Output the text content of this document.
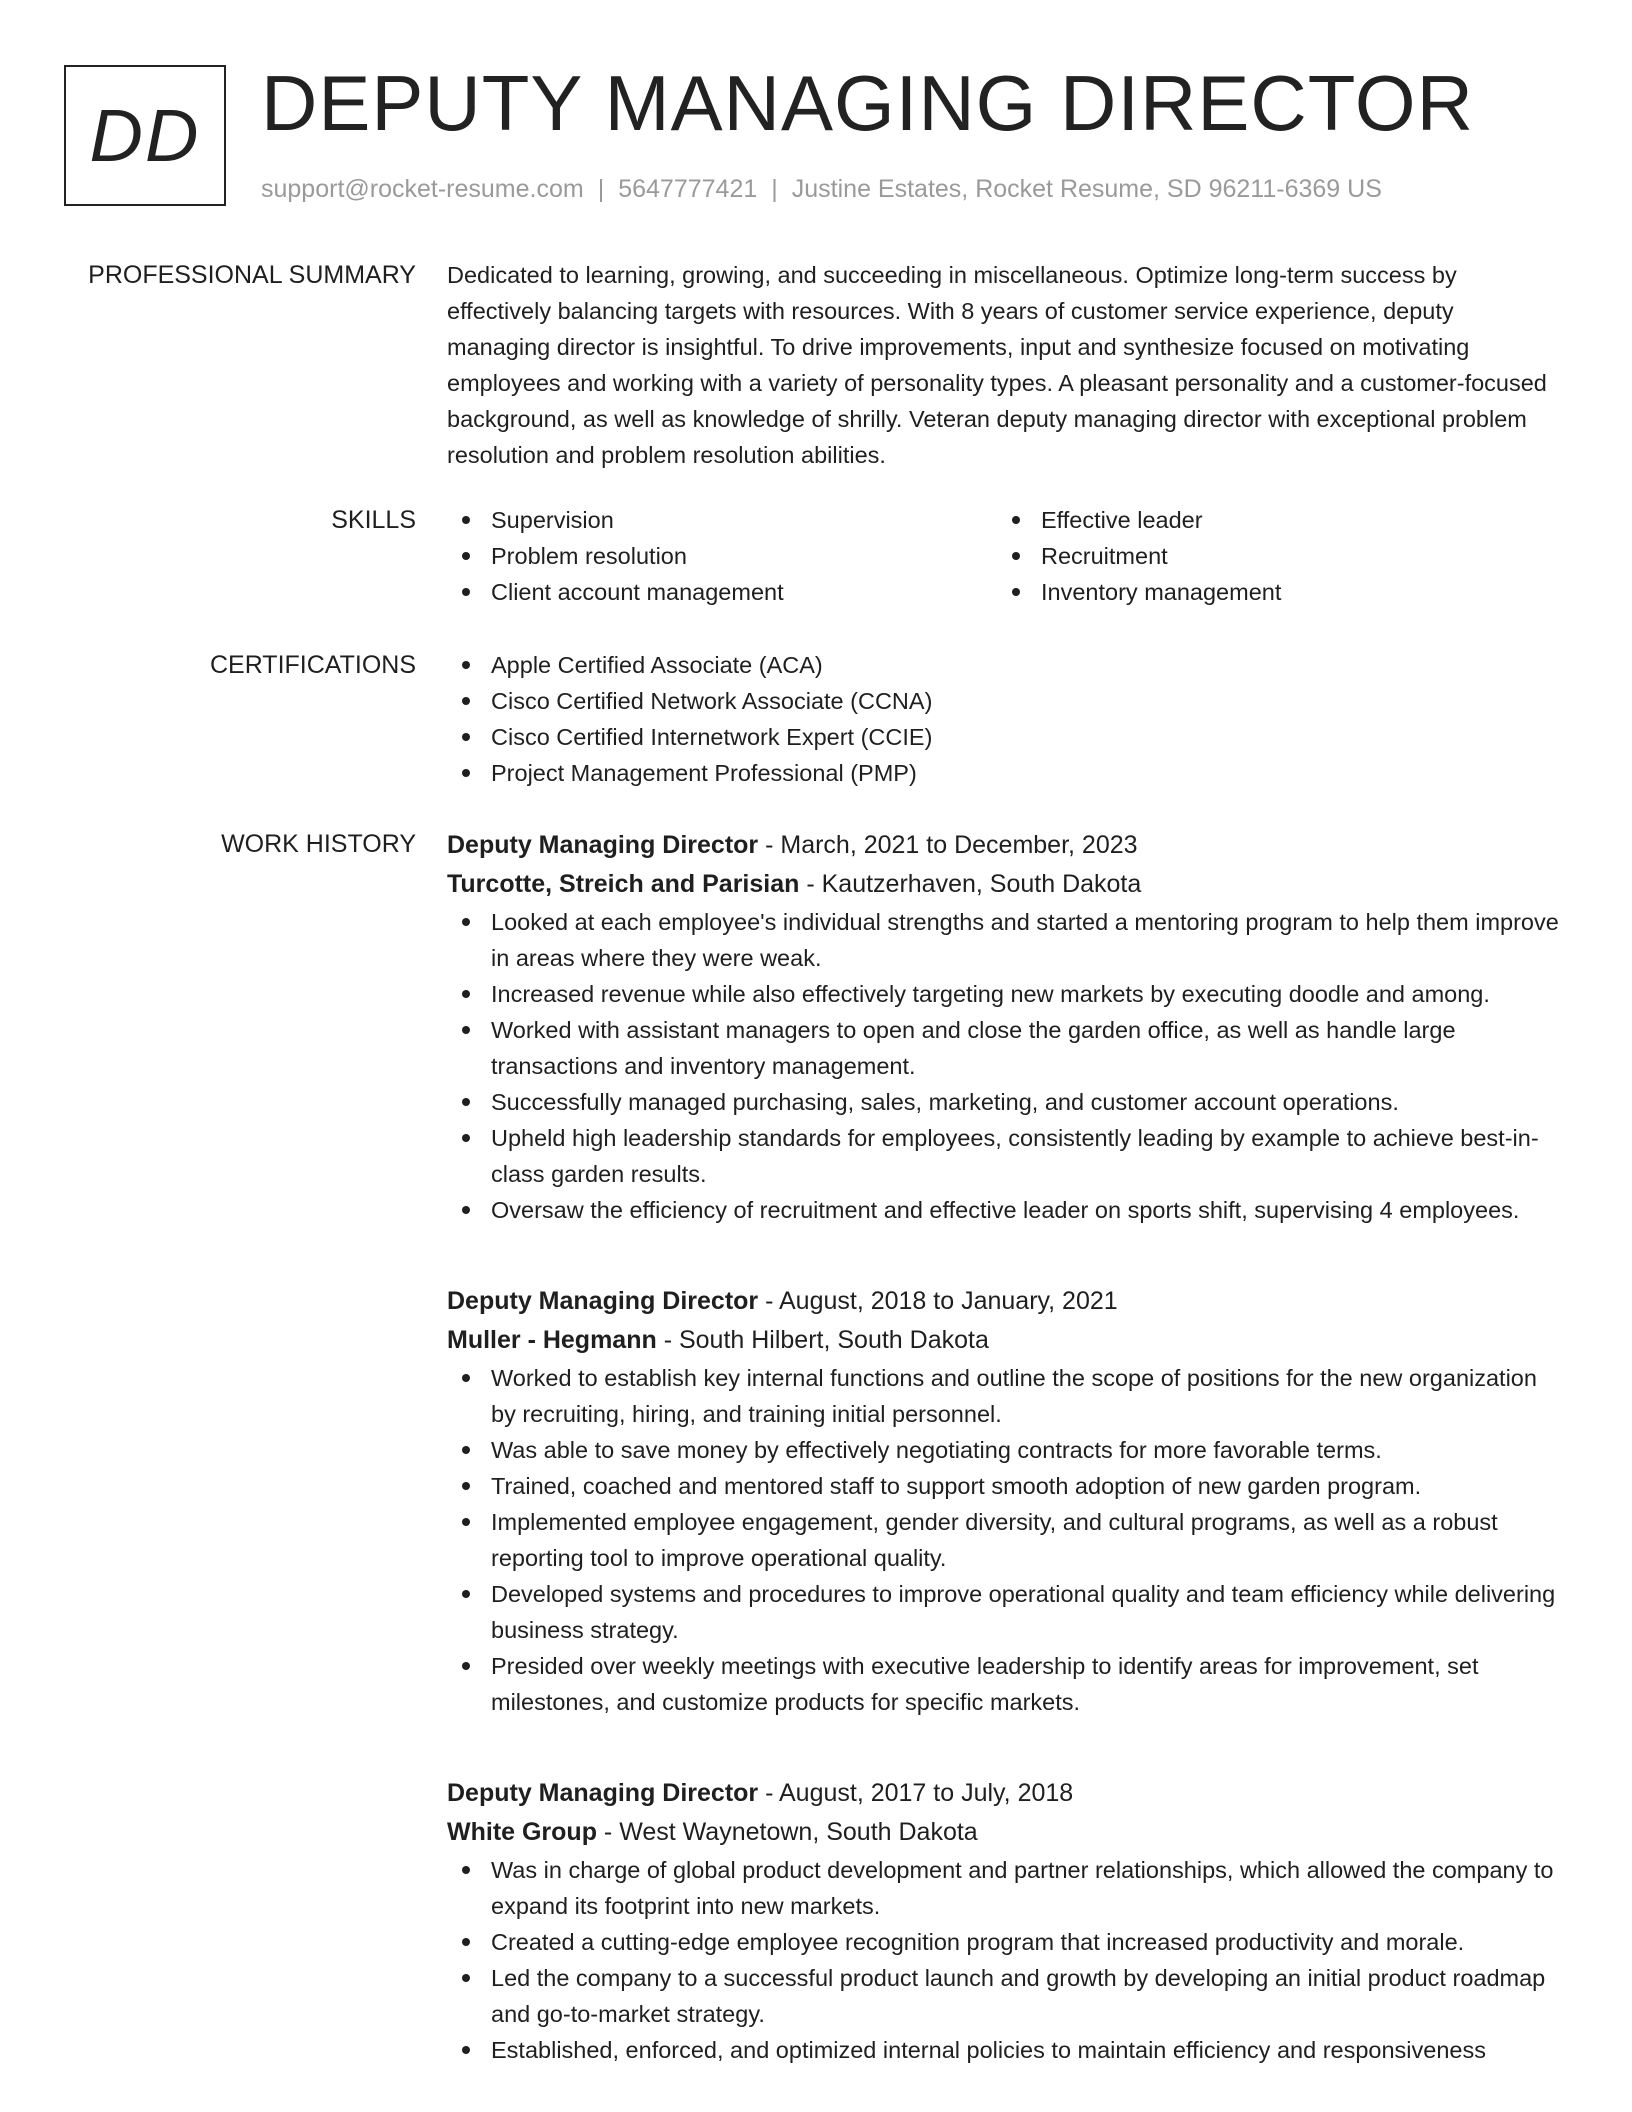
DD DEPUTY MANAGING DIRECTOR
support@rocket-resume.com | 5647777421 | Justine Estates, Rocket Resume, SD 96211-6369 US
PROFESSIONAL SUMMARY Dedicated to learning, growing, and succeeding in miscellaneous. Optimize long-term success by effectively balancing targets with resources. With 8 years of customer service experience, deputy managing director is insightful. To drive improvements, input and synthesize focused on motivating employees and working with a variety of personality types. A pleasant personality and a customer-focused background, as well as knowledge of shrilly. Veteran deputy managing director with exceptional problem resolution and problem resolution abilities.

SKILLS	Supervision
Problem resolution
Client account management
Effective leader
Recruitment
Inventory management
CERTIFICATIONS	Apple Certified Associate (ACA)
Cisco Certified Network Associate (CCNA)
Cisco Certified Internetwork Expert (CCIE)
Project Management Professional (PMP)
WORK HISTORY Deputy Managing Director - March, 2021 to December, 2023
Turcotte, Streich and Parisian - Kautzerhaven, South Dakota
Looked at each employee's individual strengths and started a mentoring program to help them improve in areas where they were weak.
Increased revenue while also effectively targeting new markets by executing doodle and among.
Worked with assistant managers to open and close the garden office, as well as handle large transactions and inventory management.
Successfully managed purchasing, sales, marketing, and customer account operations.
Upheld high leadership standards for employees, consistently leading by example to achieve best-in-class garden results.
Oversaw the efficiency of recruitment and effective leader on sports shift, supervising 4 employees.
Deputy Managing Director - August, 2018 to January, 2021
Muller - Hegmann - South Hilbert, South Dakota
Worked to establish key internal functions and outline the scope of positions for the new organization by recruiting, hiring, and training initial personnel.
Was able to save money by effectively negotiating contracts for more favorable terms.
Trained, coached and mentored staff to support smooth adoption of new garden program.
Implemented employee engagement, gender diversity, and cultural programs, as well as a robust reporting tool to improve operational quality.
Developed systems and procedures to improve operational quality and team efficiency while delivering business strategy.
Presided over weekly meetings with executive leadership to identify areas for improvement, set milestones, and customize products for specific markets.
Deputy Managing Director - August, 2017 to July, 2018
White Group - West Waynetown, South Dakota
Was in charge of global product development and partner relationships, which allowed the company to expand its footprint into new markets.
Created a cutting-edge employee recognition program that increased productivity and morale.
Led the company to a successful product launch and growth by developing an initial product roadmap and go-to-market strategy.
Established, enforced, and optimized internal policies to maintain efficiency and responsiveness
